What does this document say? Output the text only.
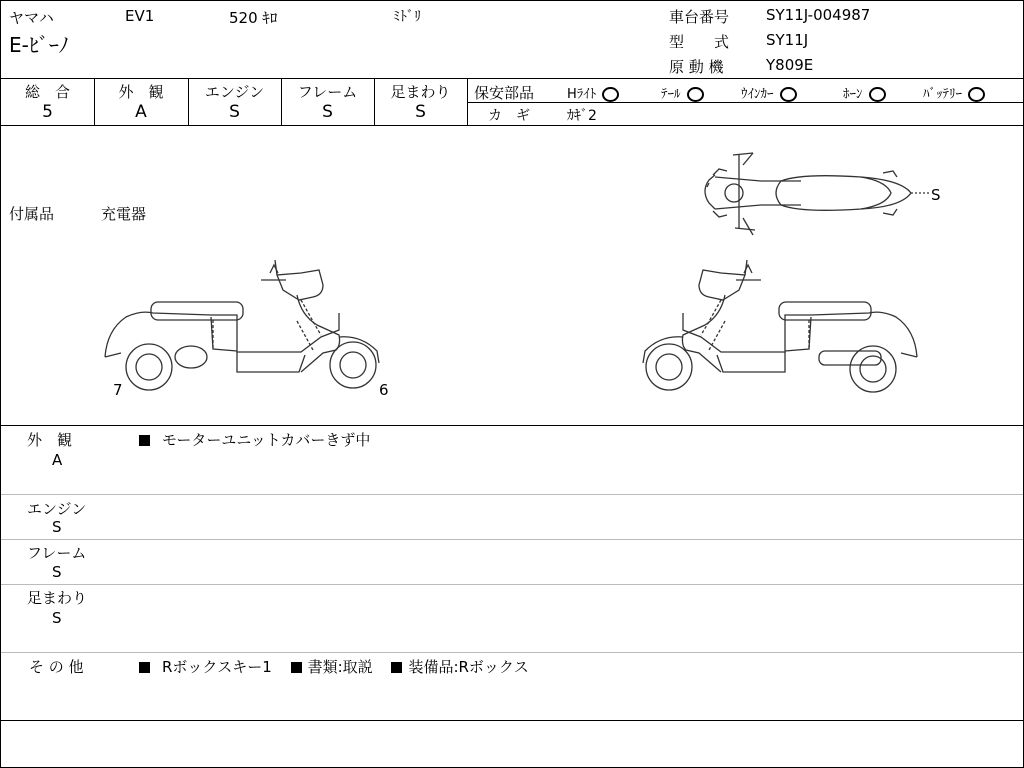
ヤマハ	EV1	520 ｷﾛ	ﾐﾄﾞﾘ
E-ﾋﾞｰﾉ
車台番号 SY11J-004987
型　　式 SY11J
原 動 機	Y809E
総　合
5
外　観
A
エンジン
S
フレーム
S
足まわり
S
保安部品	Hﾗｲﾄ	ﾃｰﾙ	ｳｲﾝｶｰ	ﾎｰﾝ	ﾊﾞｯﾃﾘｰ
カ　ギ	ｶｷﾞ2
付属品	充電器
S
7	6
外　観
A
モーターユニットカバーきず中
エンジン
S
フレーム
S
足まわり
S
そ の 他	Rボックスキー1 書類:取説 装備品:Rボックス
